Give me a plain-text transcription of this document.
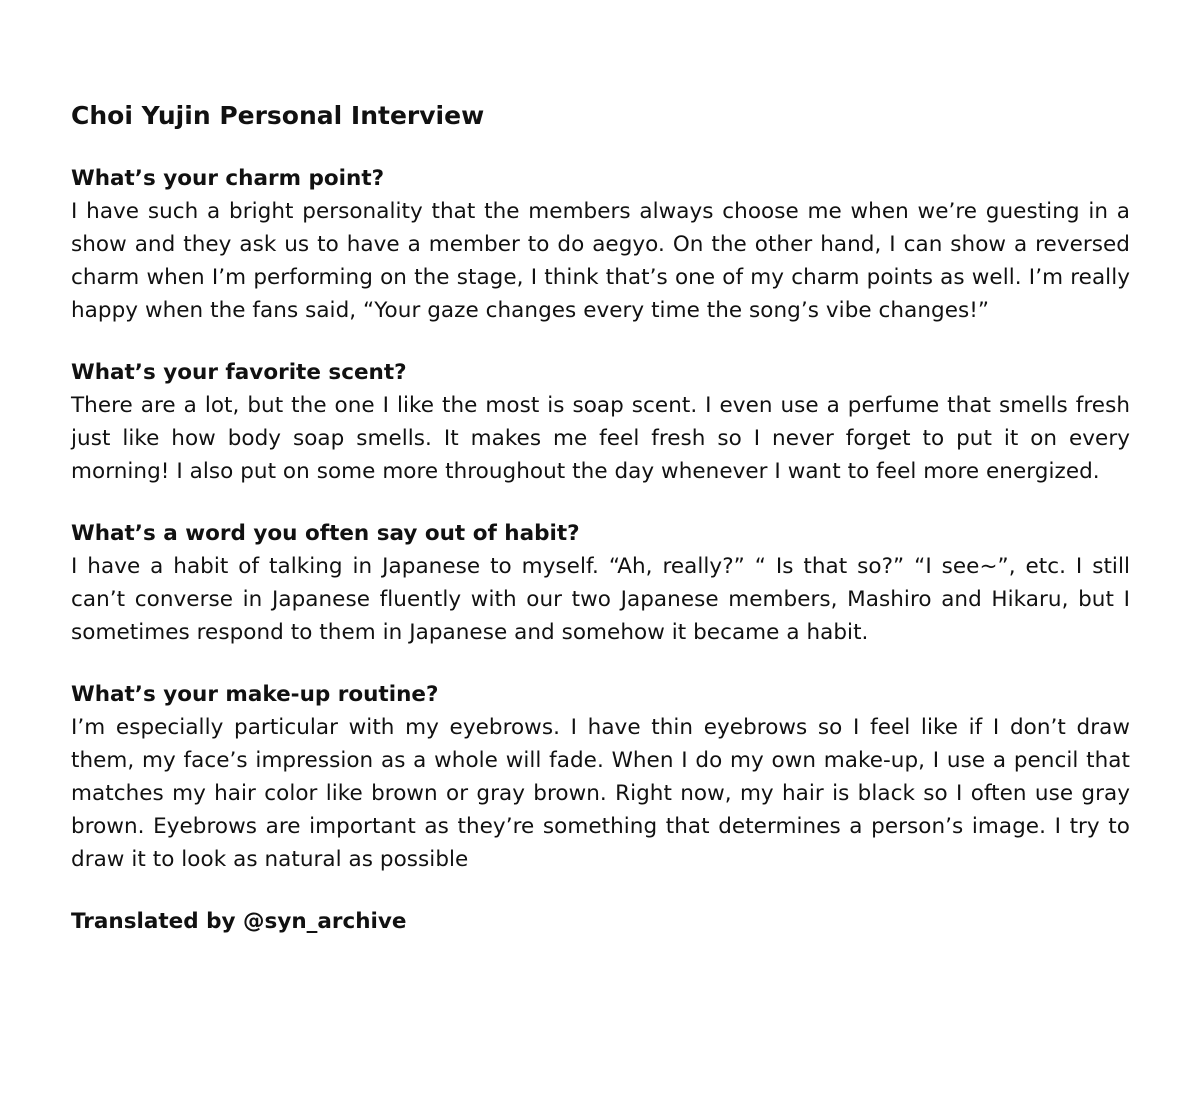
Choi Yujin Personal Interview

What’s your charm point?

I have such a bright personality that the members always choose me when we’re guesting in a show and they ask us to have a member to do aegyo. On the other hand, I can show a reversed charm when I’m performing on the stage, I think that’s one of my charm points as well. I’m really happy when the fans said, “Your gaze changes every time the song’s vibe changes!”

What’s your favorite scent?

There are a lot, but the one I like the most is soap scent. I even use a perfume that smells fresh just like how body soap smells. It makes me feel fresh so I never forget to put it on every morning! I also put on some more throughout the day whenever I want to feel more energized.

What’s a word you often say out of habit?

I have a habit of talking in Japanese to myself. “Ah, really?” “ Is that so?” “I see~”, etc. I still can’t converse in Japanese fluently with our two Japanese members, Mashiro and Hikaru, but I sometimes respond to them in Japanese and somehow it became a habit.

What’s your make-up routine?

I’m especially particular with my eyebrows. I have thin eyebrows so I feel like if I don’t draw them, my face’s impression as a whole will fade. When I do my own make-up, I use a pencil that matches my hair color like brown or gray brown. Right now, my hair is black so I often use gray brown. Eyebrows are important as they’re something that determines a person’s image. I try to draw it to look as natural as possible

Translated by @syn_archive
